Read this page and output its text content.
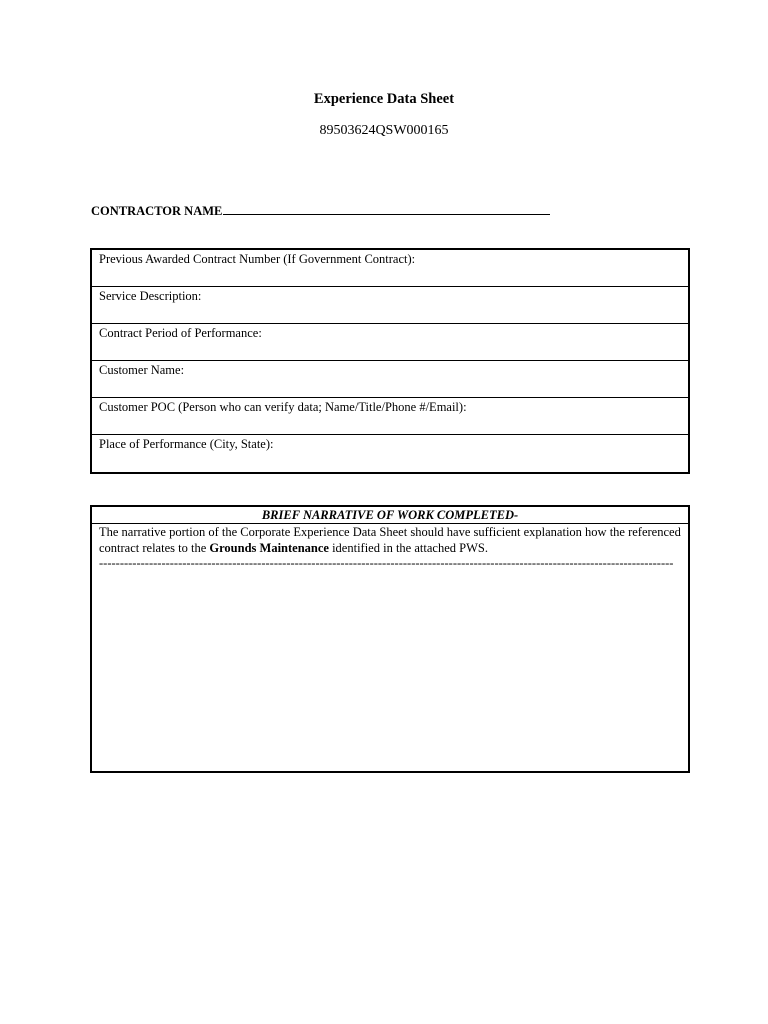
Experience Data Sheet
89503624QSW000165
CONTRACTOR NAME
Previous Awarded Contract Number (If Government Contract):
Service Description:
Contract Period of Performance:
Customer Name:
Customer POC (Person who can verify data; Name/Title/Phone #/Email):
Place of Performance (City, State):
BRIEF NARRATIVE OF WORK COMPLETED-
The narrative portion of the Corporate Experience Data Sheet should have sufficient explanation how the referenced contract relates to the Grounds Maintenance identified in the attached PWS.
------------------------------------------------------------------------------------------------------------------------------------------
